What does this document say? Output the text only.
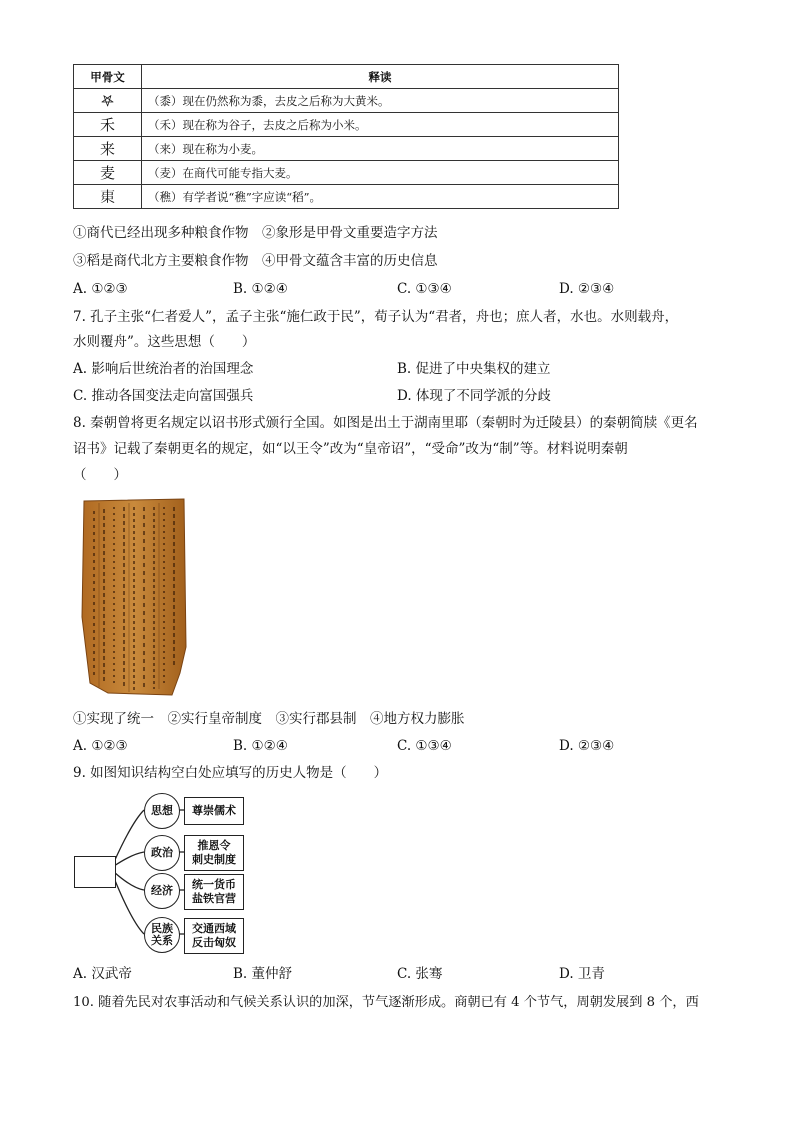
甲骨文	释读
𖤐	（黍）现在仍然称为黍，去皮之后称为大黄米。
禾	（禾）现在称为谷子，去皮之后称为小米。
来	（来）现在称为小麦。
麦	（麦）在商代可能专指大麦。
𣐺	（穛）有学者说“穛”字应读“稻”。
①商代已经出现多种粮食作物　②象形是甲骨文重要造字方法
③稻是商代北方主要粮食作物　④甲骨文蕴含丰富的历史信息
A. ①②③	B. ①②④	C. ①③④	D. ②③④
7. 孔子主张“仁者爱人”，孟子主张“施仁政于民”，荀子认为“君者，舟也；庶人者，水也。水则载舟，
水则覆舟”。这些思想（　　）
A. 影响后世统治者的治国理念	B. 促进了中央集权的建立
C. 推动各国变法走向富国强兵	D. 体现了不同学派的分歧
8. 秦朝曾将更名规定以诏书形式颁行全国。如图是出土于湖南里耶（秦朝时为迁陵县）的秦朝简牍《更名
诏书》记载了秦朝更名的规定，如“以王令”改为“皇帝诏”，“受命”改为“制”等。材料说明秦朝
（　　）
①实现了统一　②实行皇帝制度　③实行郡县制　④地方权力膨胀
A. ①②③	B. ①②④	C. ①③④	D. ②③④
9. 如图知识结构空白处应填写的历史人物是（　　）
思想	尊崇儒术
政治
推恩令
刺史制度
经济	统一货币
盐铁官营
民族关系
交通西域
反击匈奴
A. 汉武帝	B. 董仲舒	C. 张骞	D. 卫青
10. 随着先民对农事活动和气候关系认识的加深，节气逐渐形成。商朝已有 4 个节气，周朝发展到 8 个，西
